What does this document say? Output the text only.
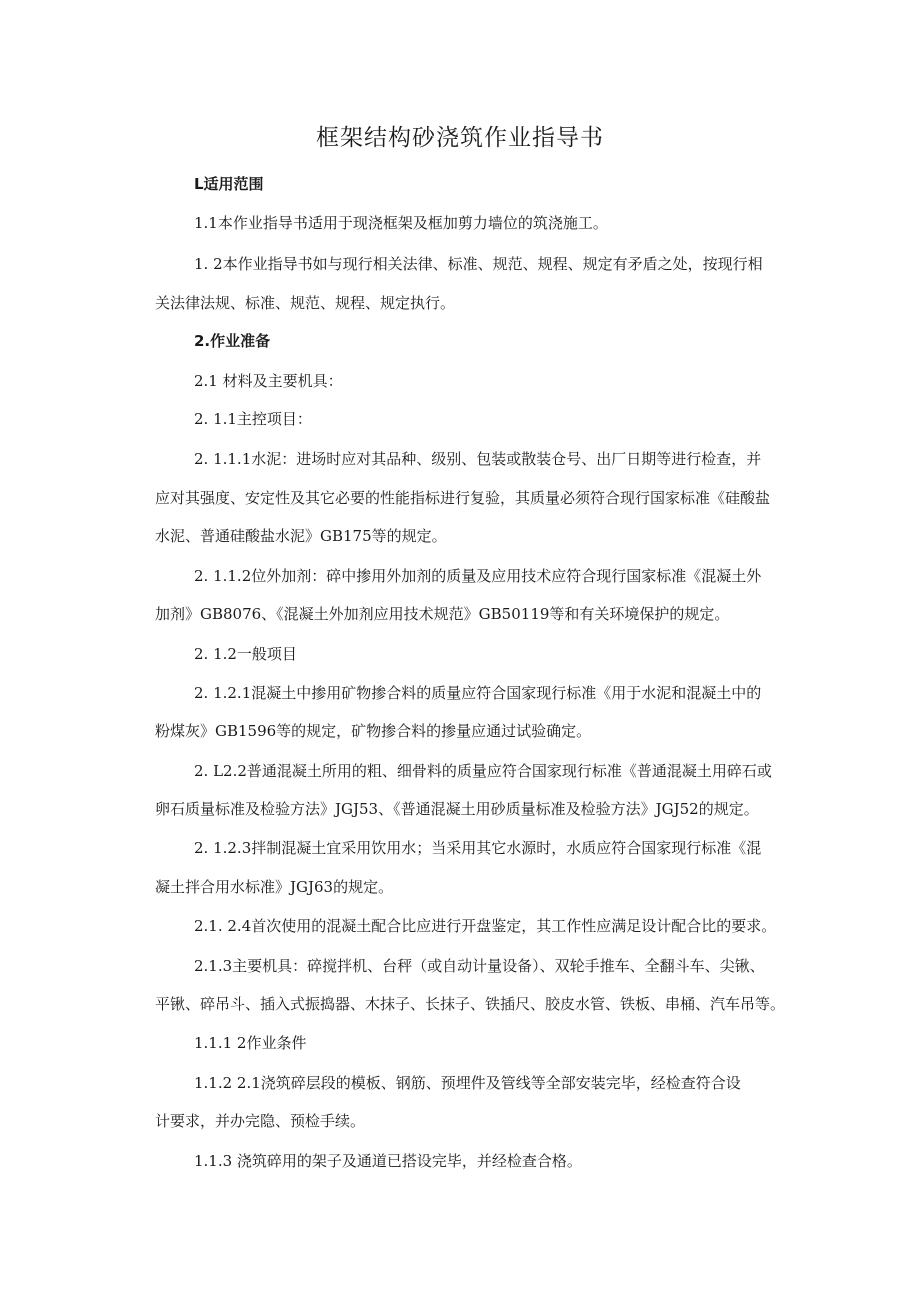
框架结构砂浇筑作业指导书
L适用范围
1.1本作业指导书适用于现浇框架及框加剪力墙位的筑浇施工。
1. 2本作业指导书如与现行相关法律、标准、规范、规程、规定有矛盾之处，按现行相
关法律法规、标准、规范、规程、规定执行。
2.作业准备
2.1 材料及主要机具：
2. 1.1主控项目：
2. 1.1.1水泥：进场时应对其品种、级别、包装或散装仓号、出厂日期等进行检查，并
应对其强度、安定性及其它必要的性能指标进行复验，其质量必须符合现行国家标准《硅酸盐
水泥、普通硅酸盐水泥》GB175等的规定。
2. 1.1.2位外加剂：碎中掺用外加剂的质量及应用技术应符合现行国家标准《混凝土外
加剂》GB8076、《混凝土外加剂应用技术规范》GB50119等和有关环境保护的规定。
2. 1.2一般项目
2. 1.2.1混凝土中掺用矿物掺合料的质量应符合国家现行标准《用于水泥和混凝土中的
粉煤灰》GB1596等的规定，矿物掺合料的掺量应通过试验确定。
2. L2.2普通混凝土所用的粗、细骨料的质量应符合国家现行标准《普通混凝土用碎石或
卵石质量标准及检验方法》JGJ53、《普通混凝土用砂质量标准及检验方法》JGJ52的规定。
2. 1.2.3拌制混凝土宜采用饮用水；当采用其它水源时，水质应符合国家现行标准《混
凝土拌合用水标准》JGJ63的规定。
2.1. 2.4首次使用的混凝土配合比应进行开盘鉴定，其工作性应满足设计配合比的要求。
2.1.3主要机具：碎搅拌机、台秤（或自动计量设备）、双轮手推车、全翻斗车、尖锹、
平锹、碎吊斗、插入式振捣器、木抹子、长抹子、铁插尺、胶皮水管、铁板、串桶、汽车吊等。
1.1.1 2作业条件
1.1.2 2.1浇筑碎层段的模板、钢筋、预埋件及管线等全部安装完毕，经检查符合设
计要求，并办完隐、预检手续。
1.1.3 浇筑碎用的架子及通道已搭设完毕，并经检查合格。
